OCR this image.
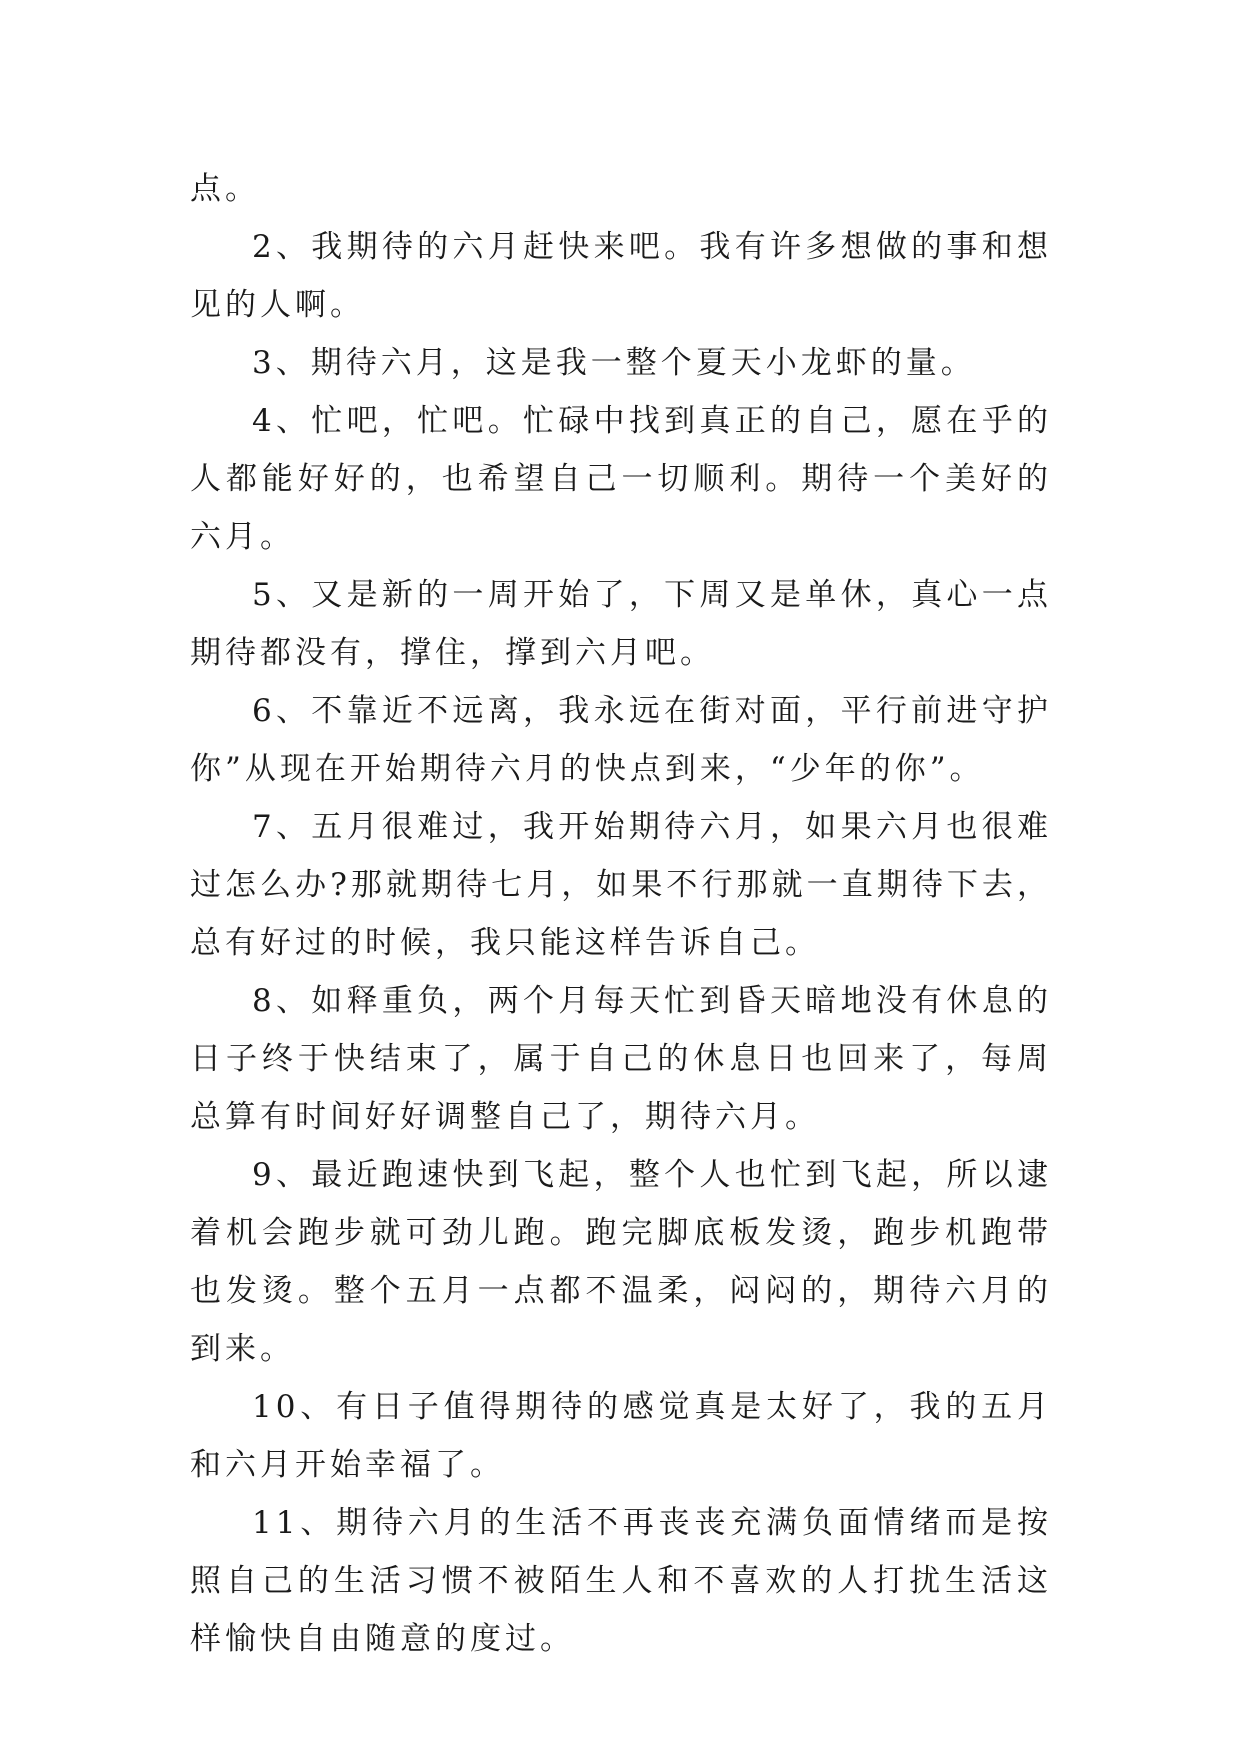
点。

2、我期待的六月赶快来吧。我有许多想做的事和想见的人啊。

3、期待六月，这是我一整个夏天小龙虾的量。

4、忙吧，忙吧。忙碌中找到真正的自己，愿在乎的人都能好好的，也希望自己一切顺利。期待一个美好的六月。

5、又是新的一周开始了，下周又是单休，真心一点期待都没有，撑住，撑到六月吧。

6、不靠近不远离，我永远在街对面，平行前进守护你”从现在开始期待六月的快点到来，“少年的你”。

7、五月很难过，我开始期待六月，如果六月也很难过怎么办?那就期待七月，如果不行那就一直期待下去，总有好过的时候，我只能这样告诉自己。

8、如释重负，两个月每天忙到昏天暗地没有休息的日子终于快结束了，属于自己的休息日也回来了，每周总算有时间好好调整自己了，期待六月。

9、最近跑速快到飞起，整个人也忙到飞起，所以逮着机会跑步就可劲儿跑。跑完脚底板发烫，跑步机跑带也发烫。整个五月一点都不温柔，闷闷的，期待六月的到来。

10、有日子值得期待的感觉真是太好了，我的五月和六月开始幸福了。

11、期待六月的生活不再丧丧充满负面情绪而是按照自己的生活习惯不被陌生人和不喜欢的人打扰生活这样愉快自由随意的度过。
